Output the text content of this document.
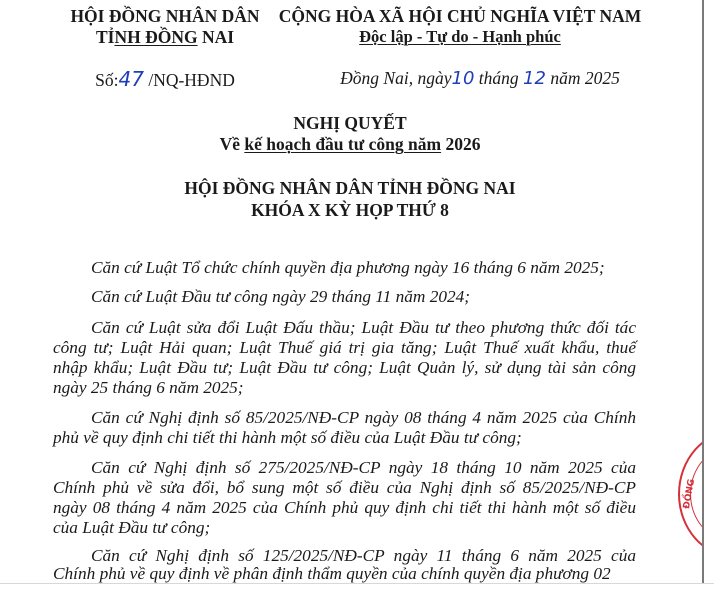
HỘI ĐỒNG NHÂN DÂN
TỈNH ĐỒNG NAI
Số:47 /NQ-HĐND
CỘNG HÒA XÃ HỘI CHỦ NGHĨA VIỆT NAM
Độc lập - Tự do - Hạnh phúc
Đồng Nai, ngày10 tháng 12 năm 2025
NGHỊ QUYẾT
Về kế hoạch đầu tư công năm 2026
HỘI ĐỒNG NHÂN DÂN TỈNH ĐỒNG NAI
KHÓA X KỲ HỌP THỨ 8
Căn cứ Luật Tổ chức chính quyền địa phương ngày 16 tháng 6 năm 2025;
Căn cứ Luật Đầu tư công ngày 29 tháng 11 năm 2024;
Căn cứ Luật sửa đổi Luật Đấu thầu; Luật Đầu tư theo phương thức đối tác
công tư; Luật Hải quan; Luật Thuế giá trị gia tăng; Luật Thuế xuất khẩu, thuế
nhập khẩu; Luật Đầu tư; Luật Đầu tư công; Luật Quản lý, sử dụng tài sản công
ngày 25 tháng 6 năm 2025;
Căn cứ Nghị định số 85/2025/NĐ-CP ngày 08 tháng 4 năm 2025 của Chính
phủ về quy định chi tiết thi hành một số điều của Luật Đầu tư công;
Căn cứ Nghị định số 275/2025/NĐ-CP ngày 18 tháng 10 năm 2025 của
Chính phủ về sửa đổi, bổ sung một số điều của Nghị định số 85/2025/NĐ-CP
ngày 08 tháng 4 năm 2025 của Chính phủ quy định chi tiết thi hành một số điều
của Luật Đầu tư công;
Căn cứ Nghị định số 125/2025/NĐ-CP ngày 11 tháng 6 năm 2025 của
Chính phủ về quy định về phân định thẩm quyền của chính quyền địa phương 02
ĐỒNG
